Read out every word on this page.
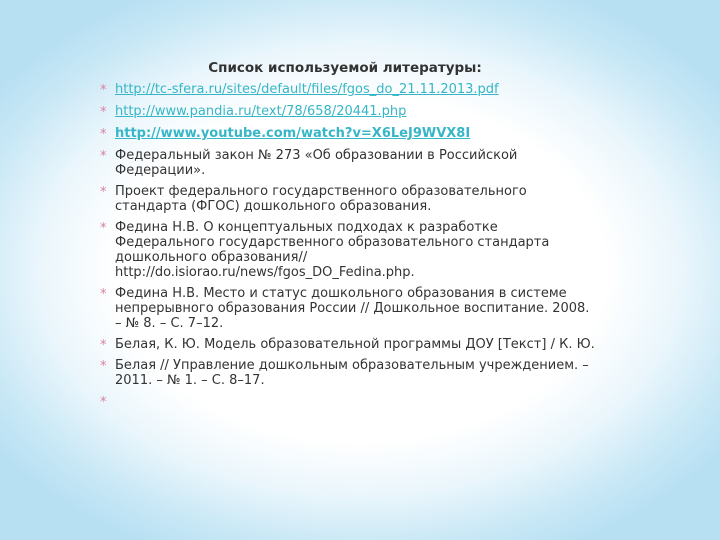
Список используемой литературы:
* http://tc-sfera.ru/sites/default/files/fgos_do_21.11.2013.pdf
* http://www.pandia.ru/text/78/658/20441.php
* http://www.youtube.com/watch?v=X6LeJ9WVX8I
* Федеральный закон № 273 «Об образовании в Российской Федерации».
* Проект федерального государственного образовательного стандарта (ФГОС) дошкольного образования.
* Федина Н.В. О концептуальных подходах к разработке Федерального государственного образовательного стандарта дошкольного образования// http://do.isiorao.ru/news/fgos_DO_Fedina.php.
* Федина Н.В. Место и статус дошкольного образования в системе непрерывного образования России // Дошкольное воспитание. 2008. – № 8. – С. 7–12.
* Белая, К. Ю. Модель образовательной программы ДОУ [Текст] / К. Ю.
* Белая // Управление дошкольным образовательным учреждением. – 2011. – № 1. – С. 8–17.
*
